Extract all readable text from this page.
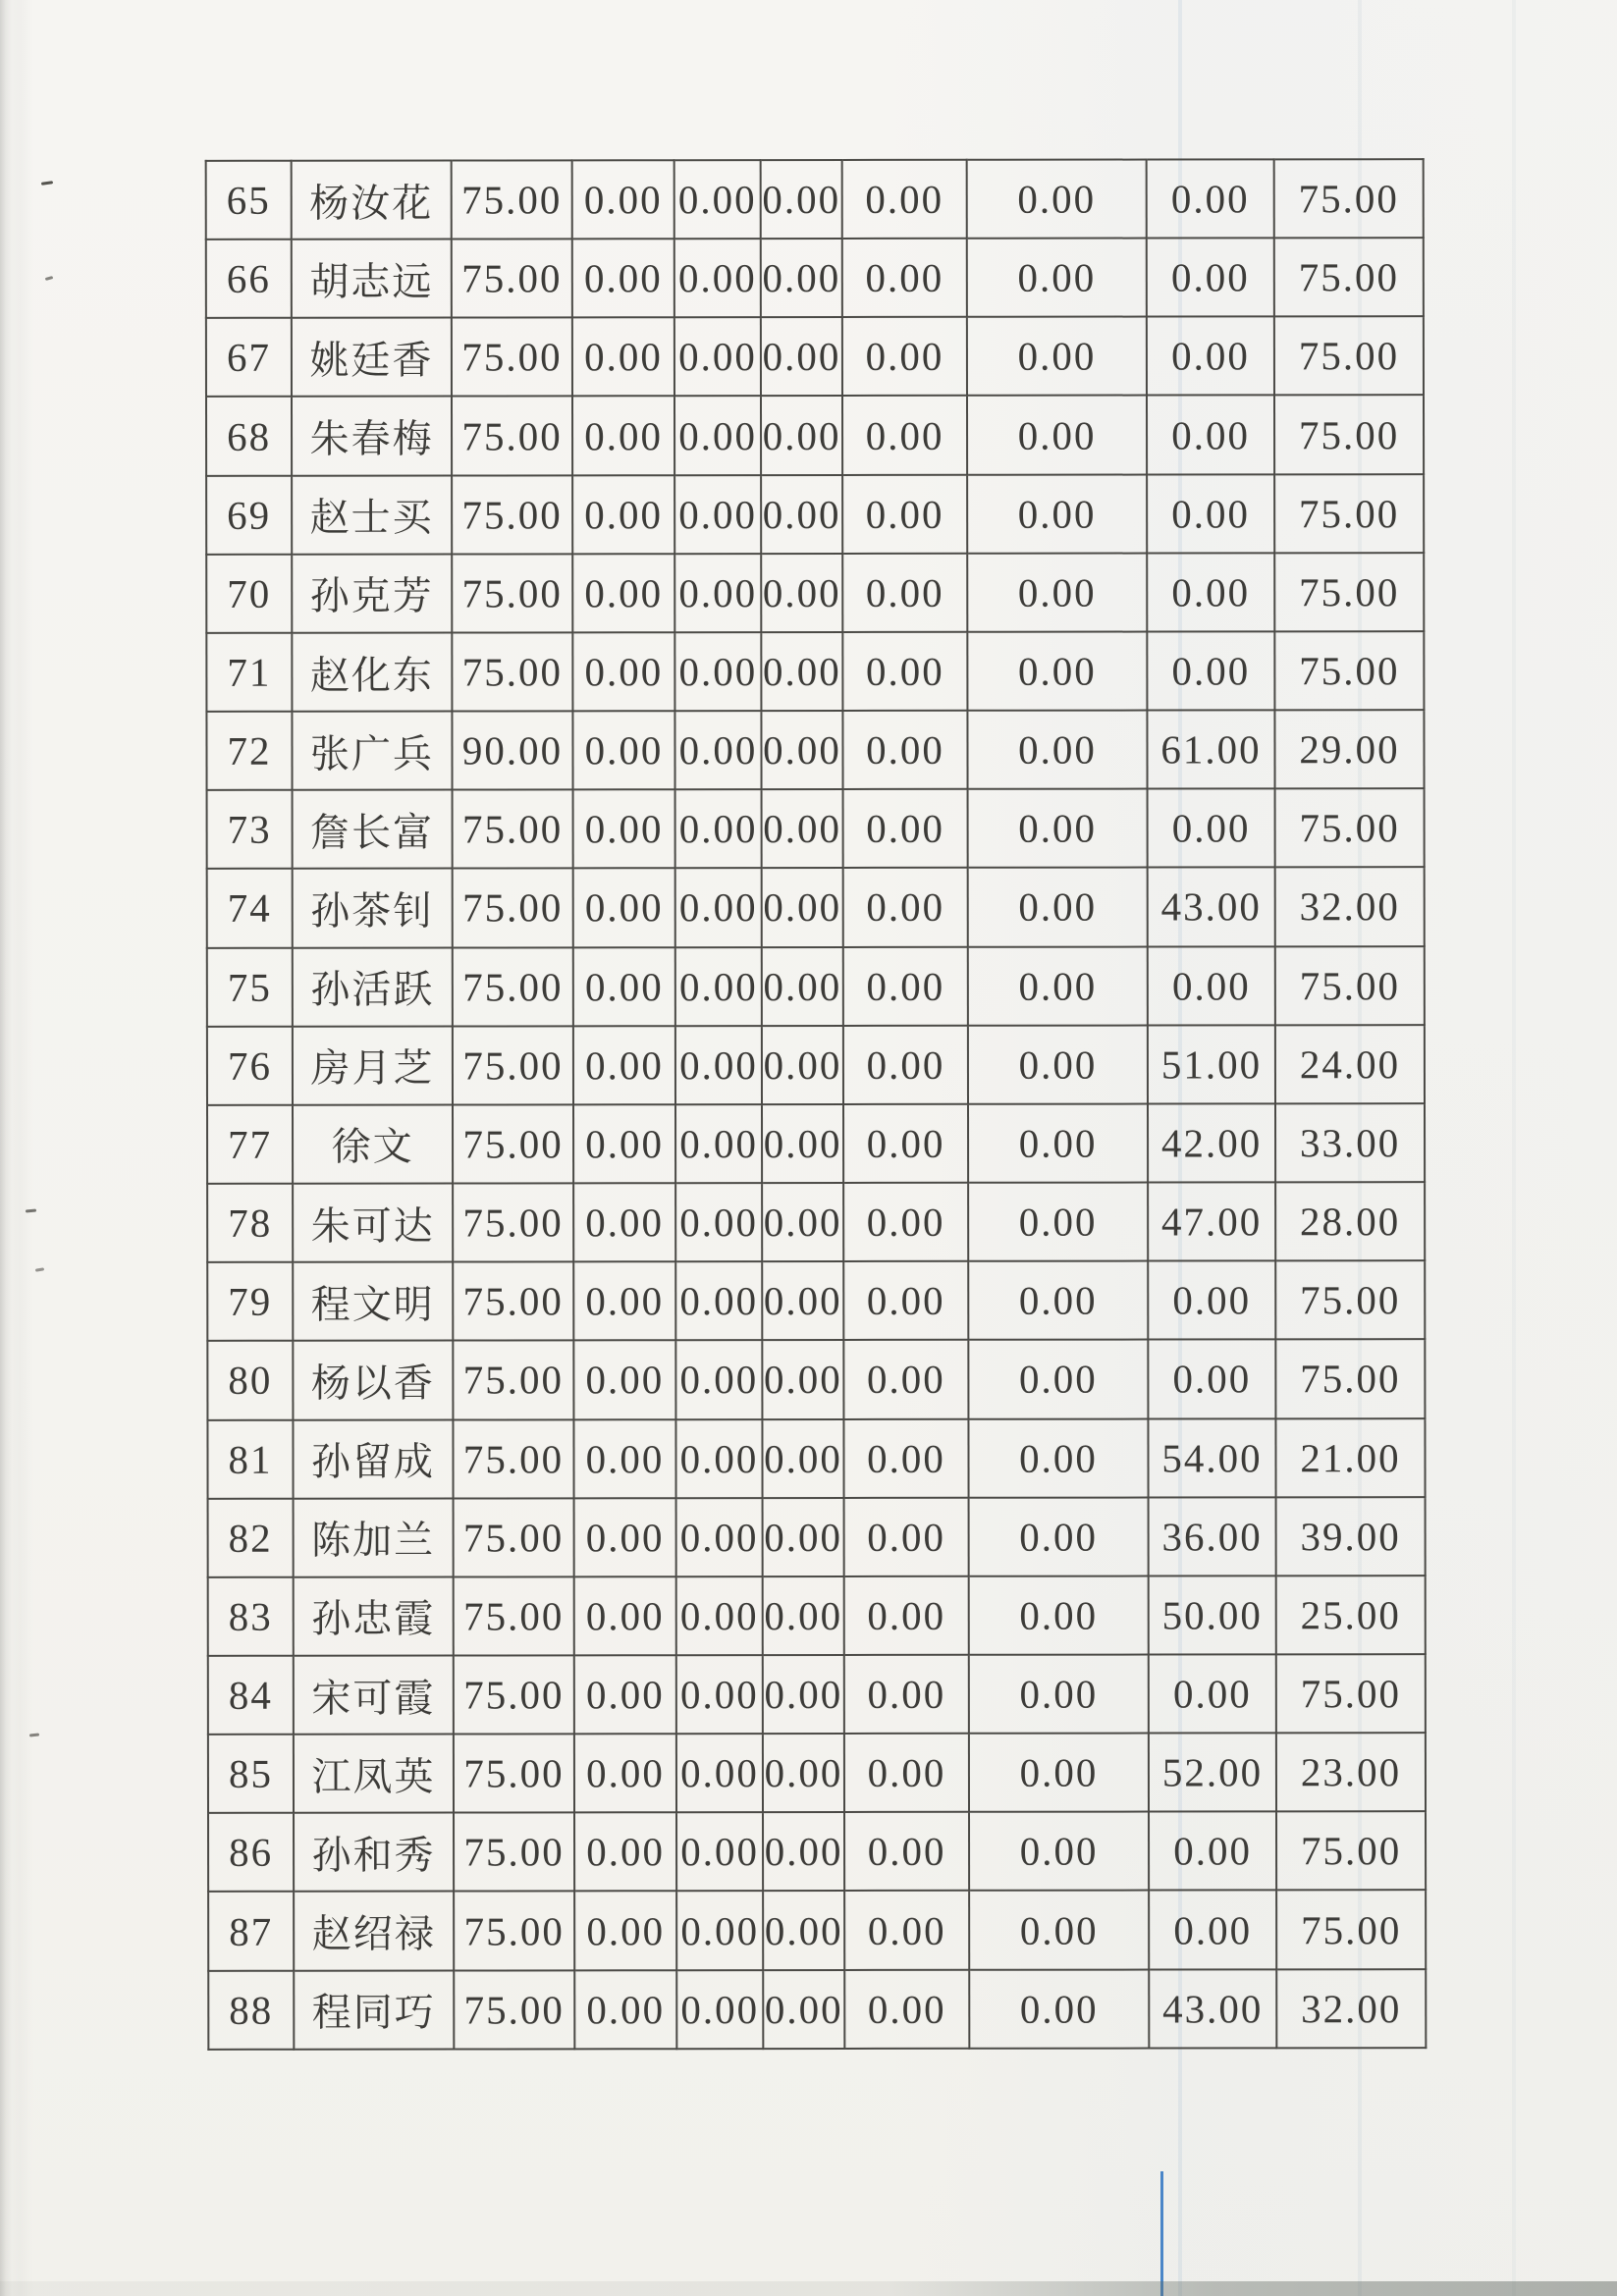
65	杨汝花	75.00	0.00	0.00	0.00	0.00	0.00	0.00	75.00
66	胡志远	75.00	0.00	0.00	0.00	0.00	0.00	0.00	75.00
67	姚廷香	75.00	0.00	0.00	0.00	0.00	0.00	0.00	75.00
68	朱春梅	75.00	0.00	0.00	0.00	0.00	0.00	0.00	75.00
69	赵士买	75.00	0.00	0.00	0.00	0.00	0.00	0.00	75.00
70	孙克芳	75.00	0.00	0.00	0.00	0.00	0.00	0.00	75.00
71	赵化东	75.00	0.00	0.00	0.00	0.00	0.00	0.00	75.00
72	张广兵	90.00	0.00	0.00	0.00	0.00	0.00	61.00	29.00
73	詹长富	75.00	0.00	0.00	0.00	0.00	0.00	0.00	75.00
74	孙茶钊	75.00	0.00	0.00	0.00	0.00	0.00	43.00	32.00
75	孙活跃	75.00	0.00	0.00	0.00	0.00	0.00	0.00	75.00
76	房月芝	75.00	0.00	0.00	0.00	0.00	0.00	51.00	24.00
77	徐文	75.00	0.00	0.00	0.00	0.00	0.00	42.00	33.00
78	朱可达	75.00	0.00	0.00	0.00	0.00	0.00	47.00	28.00
79	程文明	75.00	0.00	0.00	0.00	0.00	0.00	0.00	75.00
80	杨以香	75.00	0.00	0.00	0.00	0.00	0.00	0.00	75.00
81	孙留成	75.00	0.00	0.00	0.00	0.00	0.00	54.00	21.00
82	陈加兰	75.00	0.00	0.00	0.00	0.00	0.00	36.00	39.00
83	孙忠霞	75.00	0.00	0.00	0.00	0.00	0.00	50.00	25.00
84	宋可霞	75.00	0.00	0.00	0.00	0.00	0.00	0.00	75.00
85	江凤英	75.00	0.00	0.00	0.00	0.00	0.00	52.00	23.00
86	孙和秀	75.00	0.00	0.00	0.00	0.00	0.00	0.00	75.00
87	赵绍禄	75.00	0.00	0.00	0.00	0.00	0.00	0.00	75.00
88	程同巧	75.00	0.00	0.00	0.00	0.00	0.00	43.00	32.00
